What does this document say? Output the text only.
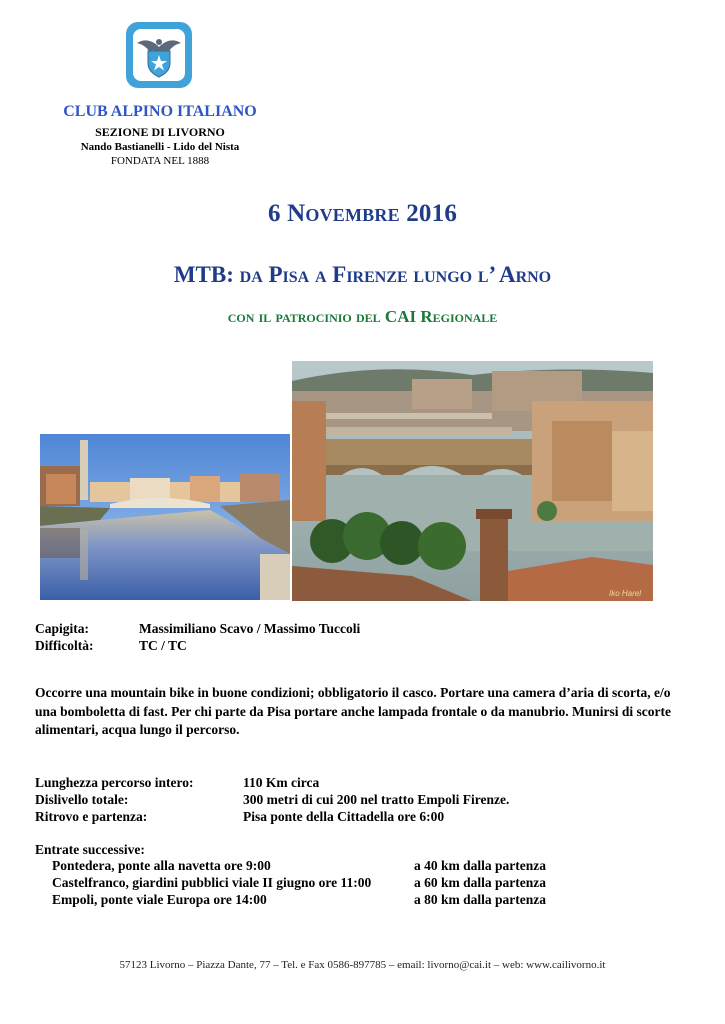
CLUB ALPINO ITALIANO
SEZIONE DI LIVORNO
Nando Bastianelli - Lido del Nista
FONDATA NEL 1888
6 Novembre 2016
MTB: da Pisa a Firenze lungo l’ Arno
con il patrocinio del CAI Regionale
Iko Harel
Capigita:	Massimiliano Scavo / Massimo Tuccoli
Difficoltà:	TC / TC
Occorre una mountain bike in buone condizioni; obbligatorio il casco. Portare una camera d’aria di scorta, e/o una bomboletta di fast. Per chi parte da Pisa portare anche lampada frontale o da manubrio. Munirsi di scorte alimentari, acqua lungo il percorso.
Lunghezza percorso intero:	110 Km circa
Dislivello totale:	300 metri di cui 200 nel tratto Empoli Firenze.
Ritrovo e partenza:	Pisa ponte della Cittadella ore 6:00
Entrate successive:
Pontedera, ponte alla navetta ore 9:00	a 40 km dalla partenza
Castelfranco, giardini pubblici viale II giugno ore 11:00	a 60 km dalla partenza
Empoli, ponte viale Europa ore 14:00	a 80 km dalla partenza
57123 Livorno – Piazza Dante, 77 – Tel. e Fax 0586-897785 – email: livorno@cai.it – web: www.cailivorno.it
